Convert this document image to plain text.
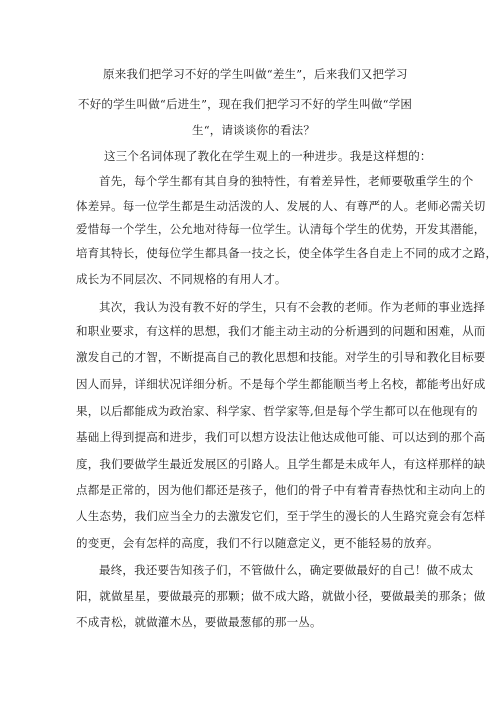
原来我们把学习不好的学生叫做“差生”，后来我们又把学习
不好的学生叫做“后进生”，现在我们把学习不好的学生叫做“学困
生“，请谈谈你的看法？
这三个名词体现了教化在学生观上的一种进步。我是这样想的：
首先，每个学生都有其自身的独特性，有着差异性，老师要敬重学生的个
体差异。每一位学生都是生动活泼的人、发展的人、有尊严的人。老师必需关切
爱惜每一个学生，公允地对待每一位学生。认清每个学生的优势，开发其潜能，
培育其特长，使每位学生都具备一技之长，使全体学生各自走上不同的成才之路，
成长为不同层次、不同规格的有用人才。
其次，我认为没有教不好的学生，只有不会教的老师。作为老师的事业选择
和职业要求，有这样的思想，我们才能主动主动的分析遇到的问题和困难，从而
激发自己的才智，不断提高自己的教化思想和技能。对学生的引导和教化目标要
因人而异，详细状况详细分析。不是每个学生都能顺当考上名校，都能考出好成
果，以后都能成为政治家、科学家、哲学家等,但是每个学生都可以在他现有的
基础上得到提高和进步，我们可以想方设法让他达成他可能、可以达到的那个高
度，我们要做学生最近发展区的引路人。且学生都是未成年人，有这样那样的缺
点都是正常的，因为他们都还是孩子，他们的骨子中有着青春热忱和主动向上的
人生态势，我们应当全力的去激发它们，至于学生的漫长的人生路究竟会有怎样
的变更，会有怎样的高度，我们不行以随意定义，更不能轻易的放弃。
最终，我还要告知孩子们，不管做什么，确定要做最好的自己！做不成太
阳，就做星星，要做最亮的那颗；做不成大路，就做小径，要做最美的那条；做
不成青松，就做灌木丛，要做最葱郁的那一丛。
